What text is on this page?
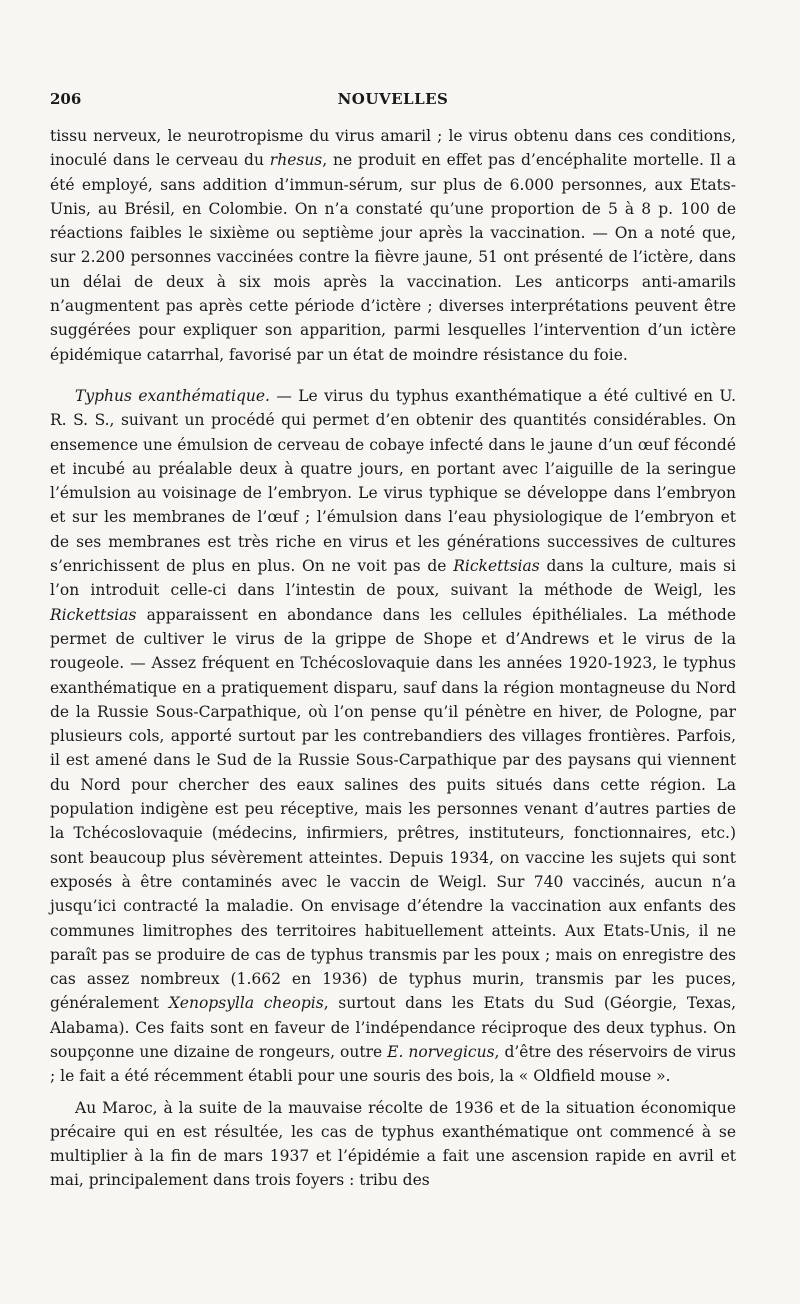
206	NOUVELLES

tissu nerveux, le neurotropisme du virus amaril ; le virus obtenu dans ces conditions, inoculé dans le cerveau du rhesus, ne produit en effet pas d’encéphalite mortelle. Il a été employé, sans addition d’immun-sérum, sur plus de 6.000 personnes, aux Etats-Unis, au Brésil, en Colombie. On n’a constaté qu’une proportion de 5 à 8 p. 100 de réactions faibles le sixième ou septième jour après la vaccination. — On a noté que, sur 2.200 personnes vaccinées contre la fièvre jaune, 51 ont présenté de l’ictère, dans un délai de deux à six mois après la vaccination. Les anticorps anti-amarils n’augmentent pas après cette période d’ictère ; diverses interprétations peuvent être suggérées pour expliquer son apparition, parmi lesquelles l’intervention d’un ictère épidémique catarrhal, favorisé par un état de moindre résistance du foie.

Typhus exanthématique. — Le virus du typhus exanthématique a été cultivé en U. R. S. S., suivant un procédé qui permet d’en obtenir des quantités considérables. On ensemence une émulsion de cerveau de cobaye infecté dans le jaune d’un œuf fécondé et incubé au préalable deux à quatre jours, en portant avec l’aiguille de la seringue l’émulsion au voisinage de l’embryon. Le virus typhique se développe dans l’embryon et sur les membranes de l’œuf ; l’émulsion dans l’eau physiologique de l’embryon et de ses membranes est très riche en virus et les générations successives de cultures s’enrichissent de plus en plus. On ne voit pas de Rickettsias dans la culture, mais si l’on introduit celle-ci dans l’intestin de poux, suivant la méthode de Weigl, les Rickettsias apparaissent en abondance dans les cellules épithéliales. La méthode permet de cultiver le virus de la grippe de Shope et d’Andrews et le virus de la rougeole. — Assez fréquent en Tchécoslovaquie dans les années 1920-1923, le typhus exanthématique en a pratiquement disparu, sauf dans la région montagneuse du Nord de la Russie Sous-Carpathique, où l’on pense qu’il pénètre en hiver, de Pologne, par plusieurs cols, apporté surtout par les contrebandiers des villages frontières. Parfois, il est amené dans le Sud de la Russie Sous-Carpathique par des paysans qui viennent du Nord pour chercher des eaux salines des puits situés dans cette région. La population indigène est peu réceptive, mais les personnes venant d’autres parties de la Tchécoslovaquie (médecins, infirmiers, prêtres, instituteurs, fonctionnaires, etc.) sont beaucoup plus sévèrement atteintes. Depuis 1934, on vaccine les sujets qui sont exposés à être contaminés avec le vaccin de Weigl. Sur 740 vaccinés, aucun n’a jusqu’ici contracté la maladie. On envisage d’étendre la vaccination aux enfants des communes limitrophes des territoires habituellement atteints. Aux Etats-Unis, il ne paraît pas se produire de cas de typhus transmis par les poux ; mais on enregistre des cas assez nombreux (1.662 en 1936) de typhus murin, transmis par les puces, généralement Xenopsylla cheopis, surtout dans les Etats du Sud (Géorgie, Texas, Alabama). Ces faits sont en faveur de l’indépendance réciproque des deux typhus. On soupçonne une dizaine de rongeurs, outre E. norvegicus, d’être des réservoirs de virus ; le fait a été récemment établi pour une souris des bois, la « Oldfield mouse ».

Au Maroc, à la suite de la mauvaise récolte de 1936 et de la situation économique précaire qui en est résultée, les cas de typhus exanthématique ont commencé à se multiplier à la fin de mars 1937 et l’épidémie a fait une ascension rapide en avril et mai, principalement dans trois foyers : tribu des
